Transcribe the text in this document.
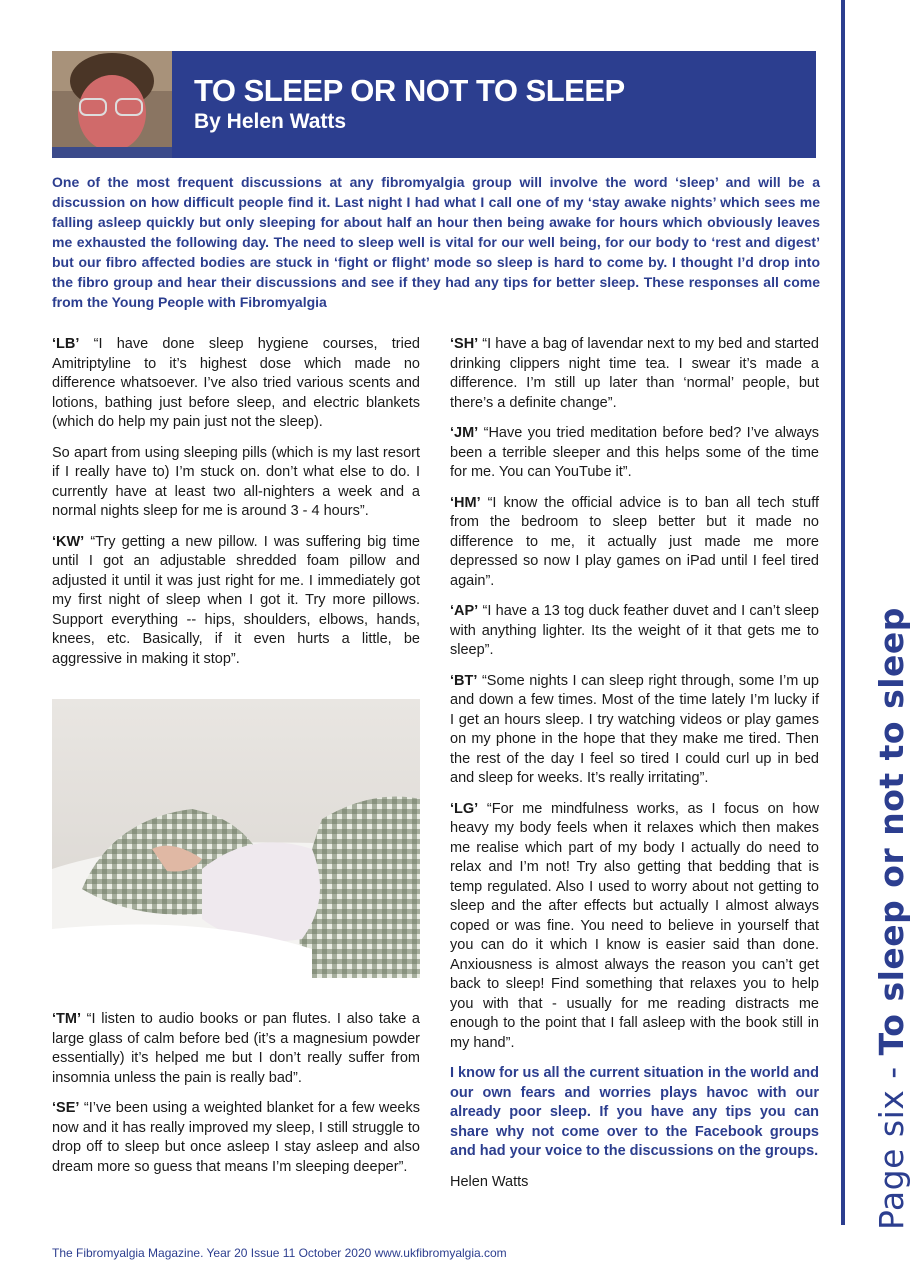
Page six - To sleep or not to sleep
TO SLEEP OR NOT TO SLEEP
By Helen Watts

One of the most frequent discussions at any fibromyalgia group will involve the word ‘sleep’ and will be a discussion on how difficult people find it. Last night I had what I call one of my ‘stay awake nights’ which sees me falling asleep quickly but only sleeping for about half an hour then being awake for hours which obviously leaves me exhausted the following day. The need to sleep well is vital for our well being, for our body to ‘rest and digest’ but our fibro affected bodies are stuck in ‘fight or flight’ mode so sleep is hard to come by. I thought I’d drop into the fibro group and hear their discussions and see if they had any tips for better sleep. These responses all come from the Young People with Fibromyalgia

‘LB’ “I have done sleep hygiene courses, tried Amitriptyline to it’s highest dose which made no difference whatsoever. I’ve also tried various scents and lotions, bathing just before sleep, and electric blankets (which do help my pain just not the sleep).

So apart from using sleeping pills (which is my last resort if I really have to) I’m stuck on. don’t what else to do. I currently have at least two all-nighters a week and a normal nights sleep for me is around 3 - 4 hours”.

‘KW’ “Try getting a new pillow. I was suffering big time until I got an adjustable shredded foam pillow and adjusted it until it was just right for me. I immediately got my first night of sleep when I got it. Try more pillows. Support everything -- hips, shoulders, elbows, hands, knees, etc. Basically, if it even hurts a little, be aggressive in making it stop”.

‘TM’ “I listen to audio books or pan flutes. I also take a large glass of calm before bed (it’s a magnesium powder essentially) it’s helped me but I don’t really suffer from insomnia unless the pain is really bad”.

‘SE’ “I’ve been using a weighted blanket for a few weeks now and it has really improved my sleep, I still struggle to drop off to sleep but once asleep I stay asleep and also dream more so guess that means I’m sleeping deeper”.

‘SH’ “I have a bag of lavendar next to my bed and started drinking clippers night time tea. I swear it’s made a difference. I’m still up later than ‘normal’ people, but there’s a definite change”.

‘JM’ “Have you tried meditation before bed? I’ve always been a terrible sleeper and this helps some of the time for me. You can YouTube it”.

‘HM’ “I know the official advice is to ban all tech stuff from the bedroom to sleep better but it made no difference to me, it actually just made me more depressed so now I play games on iPad until I feel tired again”.

‘AP’ “I have a 13 tog duck feather duvet and I can’t sleep with anything lighter. Its the weight of it that gets me to sleep”.

‘BT’ “Some nights I can sleep right through, some I’m up and down a few times. Most of the time lately I’m lucky if I get an hours sleep. I try watching videos or play games on my phone in the hope that they make me tired. Then the rest of the day I feel so tired I could curl up in bed and sleep for weeks. It’s really irritating”.

‘LG’ “For me mindfulness works, as I focus on how heavy my body feels when it relaxes which then makes me realise which part of my body I actually do need to relax and I’m not! Try also getting that bedding that is temp regulated. Also I used to worry about not getting to sleep and the after effects but actually I almost always coped or was fine. You need to believe in yourself that you can do it which I know is easier said than done. Anxiousness is almost always the reason you can’t get back to sleep! Find something that relaxes you to help you with that - usually for me reading distracts me enough to the point that I fall asleep with the book still in my hand”.

I know for us all the current situation in the world and our own fears and worries plays havoc with our already poor sleep. If you have any tips you can share why not come over to the Facebook groups and had your voice to the discussions on the groups.

Helen Watts

The Fibromyalgia Magazine. Year 20 Issue 11 October 2020 www.ukfibromyalgia.com
